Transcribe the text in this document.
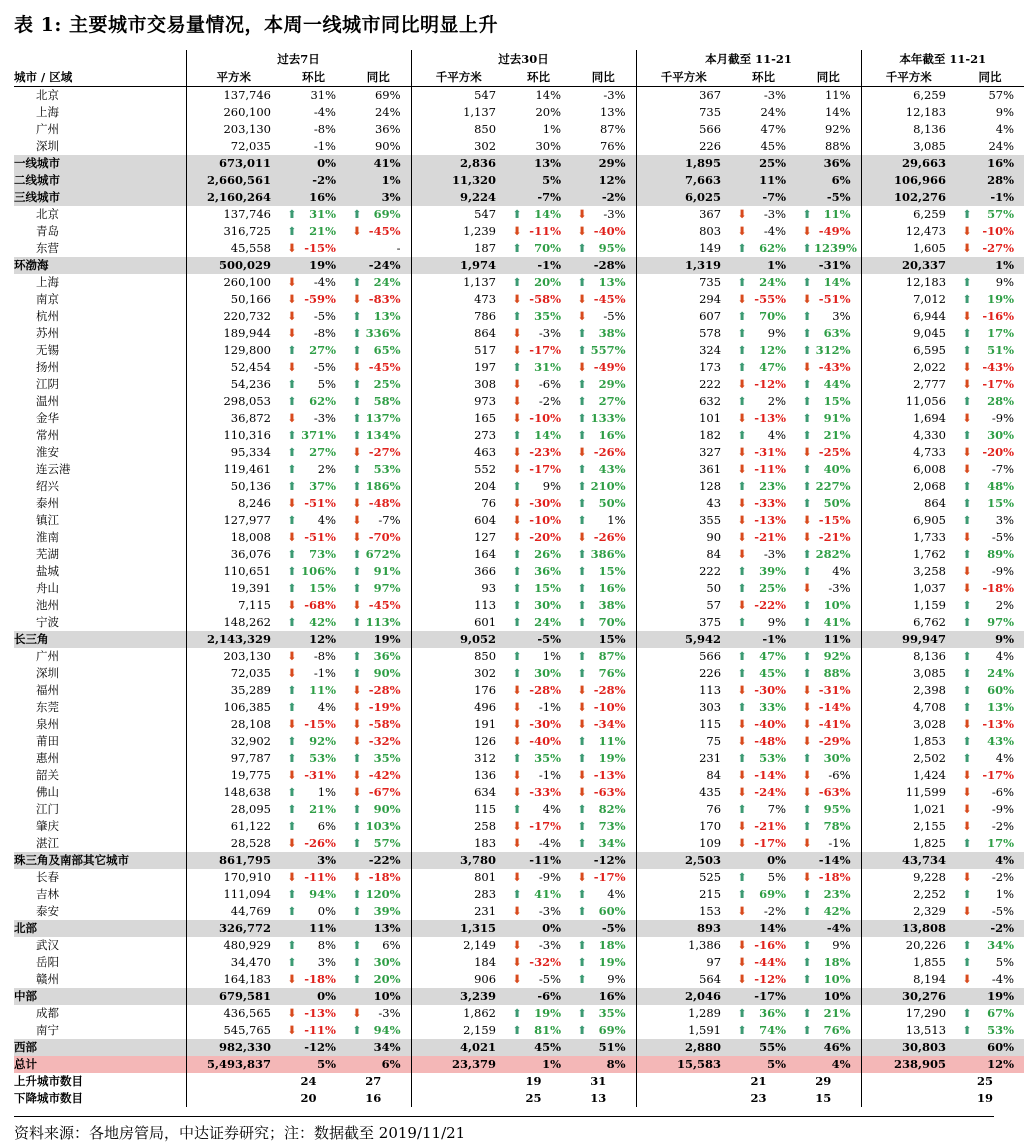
表 1: 主要城市交易量情况，本周一线城市同比明显上升
	过去7日			过去30日			本月截至 11-21			本年截至 11-21	
城市 / 区域	平方米	环比	同比	千平方米	环比	同比	千平方米	环比	同比	千平方米	同比
北京	137,746	31%	69%	547	14%	-3%	367	-3%	11%	6,259	57%
上海	260,100	-4%	24%	1,137	20%	13%	735	24%	14%	12,183	9%
广州	203,130	-8%	36%	850	1%	87%	566	47%	92%	8,136	4%
深圳	72,035	-1%	90%	302	30%	76%	226	45%	88%	3,085	24%
一线城市	673,011	0%	41%	2,836	13%	29%	1,895	25%	36%	29,663	16%
二线城市	2,660,561	-2%	1%	11,320	5%	12%	7,663	11%	6%	106,966	28%
三线城市	2,160,264	16%	3%	9,224	-7%	-2%	6,025	-7%	-5%	102,276	-1%
北京	137,746	⬆ 31%	⬆ 69%	547	⬆ 14%	⬇ -3%	367	⬇ -3%	⬆ 11%	6,259	⬆ 57%
青岛	316,725	⬆ 21%	⬇ -45%	1,239	⬇ -11%	⬇ -40%	803	⬇ -4%	⬇ -49%	12,473	⬇ -10%
东营	45,558	⬇ -15%	-	187	⬆ 70%	⬆ 95%	149	⬆ 62%	⬆ 1239%	1,605	⬇ -27%
环渤海	500,029	19%	-24%	1,974	-1%	-28%	1,319	1%	-31%	20,337	1%
上海	260,100	⬇ -4%	⬆ 24%	1,137	⬆ 20%	⬆ 13%	735	⬆ 24%	⬆ 14%	12,183	⬆ 9%
南京	50,166	⬇ -59%	⬇ -83%	473	⬇ -58%	⬇ -45%	294	⬇ -55%	⬇ -51%	7,012	⬆ 19%
杭州	220,732	⬇ -5%	⬆ 13%	786	⬆ 35%	⬇ -5%	607	⬆ 70%	⬆ 3%	6,944	⬇ -16%
苏州	189,944	⬇ -8%	⬆ 336%	864	⬇ -3%	⬆ 38%	578	⬆ 9%	⬆ 63%	9,045	⬆ 17%
无锡	129,800	⬆ 27%	⬆ 65%	517	⬇ -17%	⬆ 557%	324	⬆ 12%	⬆ 312%	6,595	⬆ 51%
扬州	52,454	⬇ -5%	⬇ -45%	197	⬆ 31%	⬇ -49%	173	⬆ 47%	⬇ -43%	2,022	⬇ -43%
江阴	54,236	⬆ 5%	⬆ 25%	308	⬇ -6%	⬆ 29%	222	⬇ -12%	⬆ 44%	2,777	⬇ -17%
温州	298,053	⬆ 62%	⬆ 58%	973	⬇ -2%	⬆ 27%	632	⬆ 2%	⬆ 15%	11,056	⬆ 28%
金华	36,872	⬇ -3%	⬆ 137%	165	⬇ -10%	⬆ 133%	101	⬇ -13%	⬆ 91%	1,694	⬇ -9%
常州	110,316	⬆ 371%	⬆ 134%	273	⬆ 14%	⬆ 16%	182	⬆ 4%	⬆ 21%	4,330	⬆ 30%
淮安	95,334	⬆ 27%	⬇ -27%	463	⬇ -23%	⬇ -26%	327	⬇ -31%	⬇ -25%	4,733	⬇ -20%
连云港	119,461	⬆ 2%	⬆ 53%	552	⬇ -17%	⬆ 43%	361	⬇ -11%	⬆ 40%	6,008	⬇ -7%
绍兴	50,136	⬆ 37%	⬆ 186%	204	⬆ 9%	⬆ 210%	128	⬆ 23%	⬆ 227%	2,068	⬆ 48%
泰州	8,246	⬇ -51%	⬇ -48%	76	⬇ -30%	⬆ 50%	43	⬇ -33%	⬆ 50%	864	⬆ 15%
镇江	127,977	⬆ 4%	⬇ -7%	604	⬇ -10%	⬆ 1%	355	⬇ -13%	⬇ -15%	6,905	⬆ 3%
淮南	18,008	⬇ -51%	⬇ -70%	127	⬇ -20%	⬇ -26%	90	⬇ -21%	⬇ -21%	1,733	⬇ -5%
芜湖	36,076	⬆ 73%	⬆ 672%	164	⬆ 26%	⬆ 386%	84	⬇ -3%	⬆ 282%	1,762	⬆ 89%
盐城	110,651	⬆ 106%	⬆ 91%	366	⬆ 36%	⬆ 15%	222	⬆ 39%	⬆ 4%	3,258	⬇ -9%
舟山	19,391	⬆ 15%	⬆ 97%	93	⬆ 15%	⬆ 16%	50	⬆ 25%	⬇ -3%	1,037	⬇ -18%
池州	7,115	⬇ -68%	⬇ -45%	113	⬆ 30%	⬆ 38%	57	⬇ -22%	⬆ 10%	1,159	⬆ 2%
宁波	148,262	⬆ 42%	⬆ 113%	601	⬆ 24%	⬆ 70%	375	⬆ 9%	⬆ 41%	6,762	⬆ 97%
长三角	2,143,329	12%	19%	9,052	-5%	15%	5,942	-1%	11%	99,947	9%
广州	203,130	⬇ -8%	⬆ 36%	850	⬆ 1%	⬆ 87%	566	⬆ 47%	⬆ 92%	8,136	⬆ 4%
深圳	72,035	⬇ -1%	⬆ 90%	302	⬆ 30%	⬆ 76%	226	⬆ 45%	⬆ 88%	3,085	⬆ 24%
福州	35,289	⬆ 11%	⬇ -28%	176	⬇ -28%	⬇ -28%	113	⬇ -30%	⬇ -31%	2,398	⬆ 60%
东莞	106,385	⬆ 4%	⬇ -19%	496	⬇ -1%	⬇ -10%	303	⬆ 33%	⬇ -14%	4,708	⬆ 13%
泉州	28,108	⬇ -15%	⬇ -58%	191	⬇ -30%	⬇ -34%	115	⬇ -40%	⬇ -41%	3,028	⬇ -13%
莆田	32,902	⬆ 92%	⬇ -32%	126	⬇ -40%	⬆ 11%	75	⬇ -48%	⬇ -29%	1,853	⬆ 43%
惠州	97,787	⬆ 53%	⬆ 35%	312	⬆ 35%	⬆ 19%	231	⬆ 53%	⬆ 30%	2,502	⬆ 4%
韶关	19,775	⬇ -31%	⬇ -42%	136	⬇ -1%	⬇ -13%	84	⬇ -14%	⬇ -6%	1,424	⬇ -17%
佛山	148,638	⬆ 1%	⬇ -67%	634	⬇ -33%	⬇ -63%	435	⬇ -24%	⬇ -63%	11,599	⬇ -6%
江门	28,095	⬆ 21%	⬆ 90%	115	⬆ 4%	⬆ 82%	76	⬆ 7%	⬆ 95%	1,021	⬇ -9%
肇庆	61,122	⬆ 6%	⬆ 103%	258	⬇ -17%	⬆ 73%	170	⬇ -21%	⬆ 78%	2,155	⬇ -2%
湛江	28,528	⬇ -26%	⬆ 57%	183	⬇ -4%	⬆ 34%	109	⬇ -17%	⬇ -1%	1,825	⬆ 17%
珠三角及南部其它城市	861,795	3%	-22%	3,780	-11%	-12%	2,503	0%	-14%	43,734	4%
长春	170,910	⬇ -11%	⬇ -18%	801	⬇ -9%	⬇ -17%	525	⬆ 5%	⬇ -18%	9,228	⬇ -2%
吉林	111,094	⬆ 94%	⬆ 120%	283	⬆ 41%	⬆ 4%	215	⬆ 69%	⬆ 23%	2,252	⬆ 1%
泰安	44,769	⬆ 0%	⬆ 39%	231	⬇ -3%	⬆ 60%	153	⬇ -2%	⬆ 42%	2,329	⬇ -5%
北部	326,772	11%	13%	1,315	0%	-5%	893	14%	-4%	13,808	-2%
武汉	480,929	⬆ 8%	⬆ 6%	2,149	⬇ -3%	⬆ 18%	1,386	⬇ -16%	⬆ 9%	20,226	⬆ 34%
岳阳	34,470	⬆ 3%	⬆ 30%	184	⬇ -32%	⬆ 19%	97	⬇ -44%	⬆ 18%	1,855	⬆ 5%
赣州	164,183	⬇ -18%	⬆ 20%	906	⬇ -5%	⬆ 9%	564	⬇ -12%	⬆ 10%	8,194	⬇ -4%
中部	679,581	0%	10%	3,239	-6%	16%	2,046	-17%	10%	30,276	19%
成都	436,565	⬇ -13%	⬇ -3%	1,862	⬆ 19%	⬆ 35%	1,289	⬆ 36%	⬆ 21%	17,290	⬆ 67%
南宁	545,765	⬇ -11%	⬆ 94%	2,159	⬆ 81%	⬆ 69%	1,591	⬆ 74%	⬆ 76%	13,513	⬆ 53%
西部	982,330	-12%	34%	4,021	45%	51%	2,880	55%	46%	30,803	60%
总计	5,493,837	5%	6%	23,379	1%	8%	15,583	5%	4%	238,905	12%
上升城市数目		24	27		19	31		21	29		25
下降城市数目		20	16		25	13		23	15		19
资料来源：各地房管局，中达证券研究；注：数据截至 2019/11/21
